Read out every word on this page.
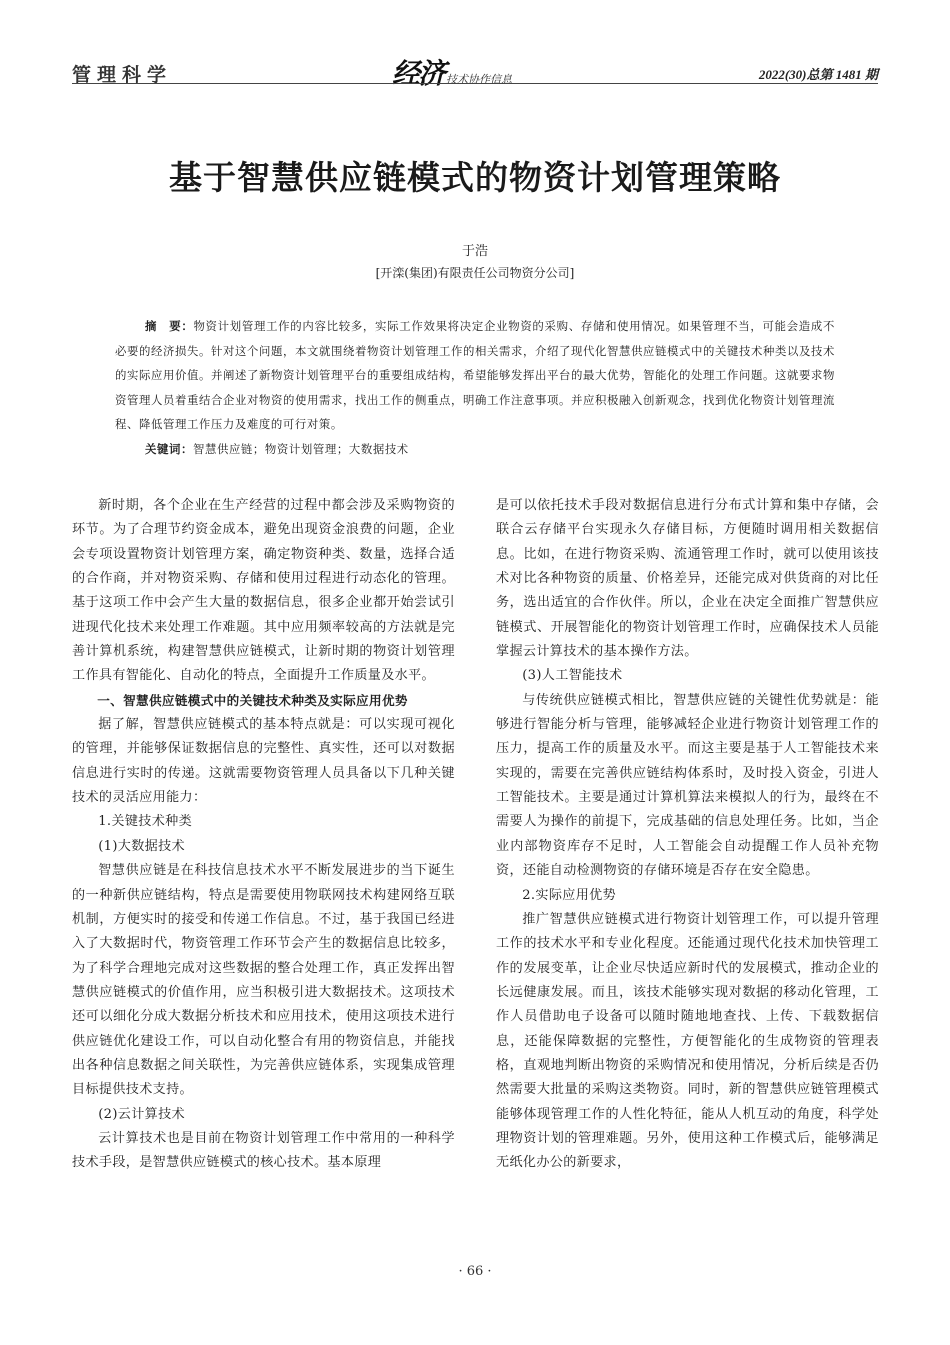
管理科学	经济 技术协作信息	2022(30)总第 1481 期
基于智慧供应链模式的物资计划管理策略
于浩
[开滦(集团)有限责任公司物资分公司]

摘　要：物资计划管理工作的内容比较多，实际工作效果将决定企业物资的采购、存储和使用情况。如果管理不当，可能会造成不必要的经济损失。针对这个问题，本文就围绕着物资计划管理工作的相关需求，介绍了现代化智慧供应链模式中的关键技术种类以及技术的实际应用价值。并阐述了新物资计划管理平台的重要组成结构，希望能够发挥出平台的最大优势，智能化的处理工作问题。这就要求物资管理人员着重结合企业对物资的使用需求，找出工作的侧重点，明确工作注意事项。并应积极融入创新观念，找到优化物资计划管理流程、降低管理工作压力及难度的可行对策。

关键词：智慧供应链；物资计划管理；大数据技术

新时期，各个企业在生产经营的过程中都会涉及采购物资的环节。为了合理节约资金成本，避免出现资金浪费的问题，企业会专项设置物资计划管理方案，确定物资种类、数量，选择合适的合作商，并对物资采购、存储和使用过程进行动态化的管理。基于这项工作中会产生大量的数据信息，很多企业都开始尝试引进现代化技术来处理工作难题。其中应用频率较高的方法就是完善计算机系统，构建智慧供应链模式，让新时期的物资计划管理工作具有智能化、自动化的特点，全面提升工作质量及水平。

一、智慧供应链模式中的关键技术种类及实际应用优势

据了解，智慧供应链模式的基本特点就是：可以实现可视化的管理，并能够保证数据信息的完整性、真实性，还可以对数据信息进行实时的传递。这就需要物资管理人员具备以下几种关键技术的灵活应用能力：

1.关键技术种类

(1)大数据技术

智慧供应链是在科技信息技术水平不断发展进步的当下诞生的一种新供应链结构，特点是需要使用物联网技术构建网络互联机制，方便实时的接受和传递工作信息。不过，基于我国已经进入了大数据时代，物资管理工作环节会产生的数据信息比较多，为了科学合理地完成对这些数据的整合处理工作，真正发挥出智慧供应链模式的价值作用，应当积极引进大数据技术。这项技术还可以细化分成大数据分析技术和应用技术，使用这项技术进行供应链优化建设工作，可以自动化整合有用的物资信息，并能找出各种信息数据之间关联性，为完善供应链体系，实现集成管理目标提供技术支持。

(2)云计算技术

云计算技术也是目前在物资计划管理工作中常用的一种科学技术手段，是智慧供应链模式的核心技术。基本原理

是可以依托技术手段对数据信息进行分布式计算和集中存储，会联合云存储平台实现永久存储目标，方便随时调用相关数据信息。比如，在进行物资采购、流通管理工作时，就可以使用该技术对比各种物资的质量、价格差异，还能完成对供货商的对比任务，选出适宜的合作伙伴。所以，企业在决定全面推广智慧供应链模式、开展智能化的物资计划管理工作时，应确保技术人员能掌握云计算技术的基本操作方法。

(3)人工智能技术

与传统供应链模式相比，智慧供应链的关键性优势就是：能够进行智能分析与管理，能够减轻企业进行物资计划管理工作的压力，提高工作的质量及水平。而这主要是基于人工智能技术来实现的，需要在完善供应链结构体系时，及时投入资金，引进人工智能技术。主要是通过计算机算法来模拟人的行为，最终在不需要人为操作的前提下，完成基础的信息处理任务。比如，当企业内部物资库存不足时，人工智能会自动提醒工作人员补充物资，还能自动检测物资的存储环境是否存在安全隐患。

2.实际应用优势

推广智慧供应链模式进行物资计划管理工作，可以提升管理工作的技术水平和专业化程度。还能通过现代化技术加快管理工作的发展变革，让企业尽快适应新时代的发展模式，推动企业的长远健康发展。而且，该技术能够实现对数据的移动化管理，工作人员借助电子设备可以随时随地地查找、上传、下载数据信息，还能保障数据的完整性，方便智能化的生成物资的管理表格，直观地判断出物资的采购情况和使用情况，分析后续是否仍然需要大批量的采购这类物资。同时，新的智慧供应链管理模式能够体现管理工作的人性化特征，能从人机互动的角度，科学处理物资计划的管理难题。另外，使用这种工作模式后，能够满足无纸化办公的新要求，

· 66 ·
